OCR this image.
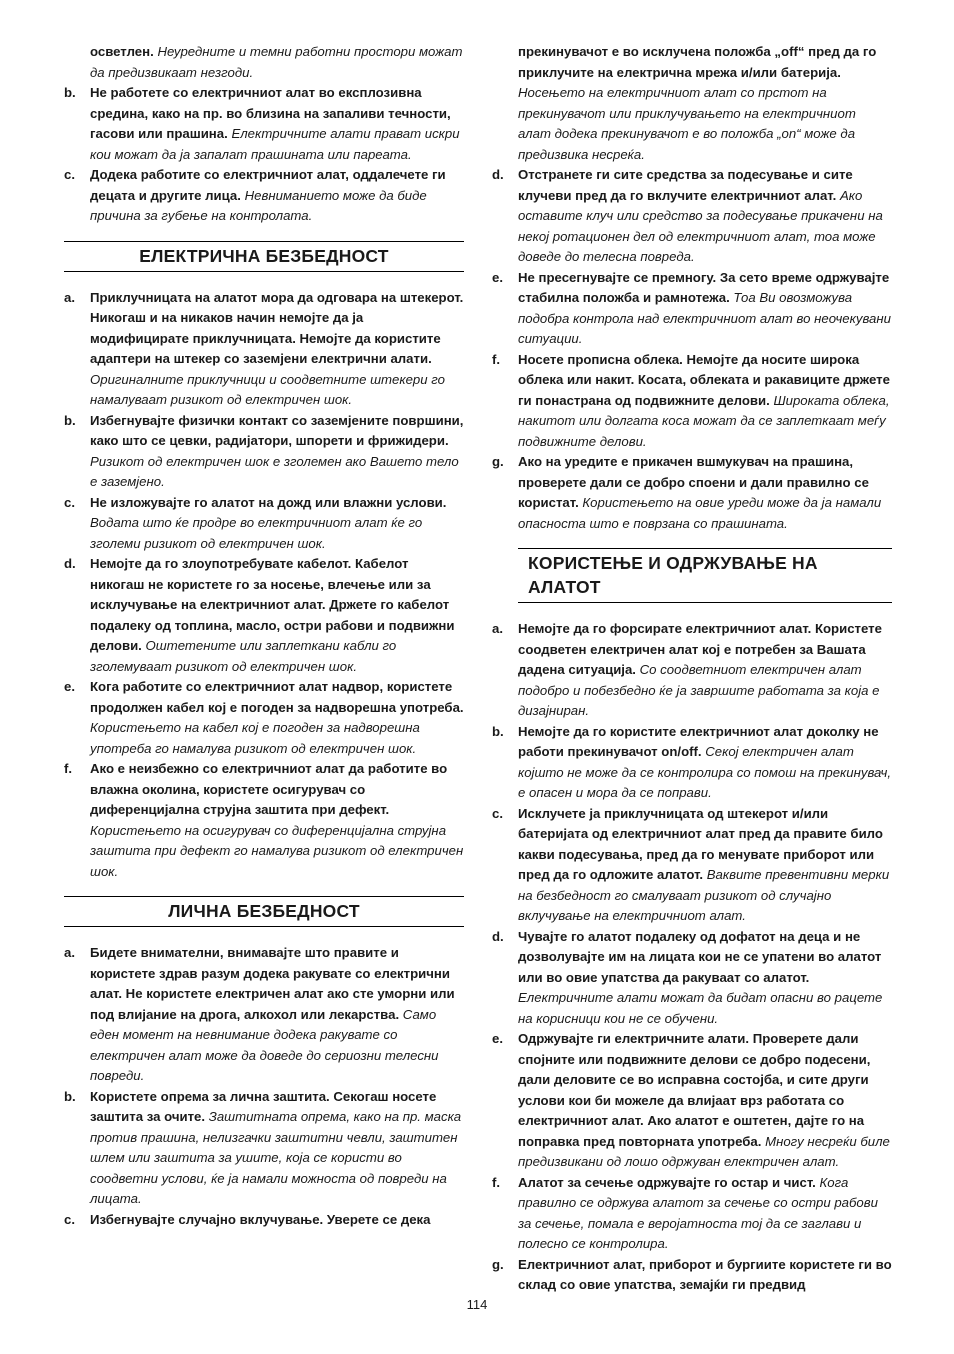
осветлен. Неуредните и темни работни простори можат да предизвикаат незгоди.

b. Не работете со електричниот алат во експлозивна средина, како на пр. во близина на запаливи течности, гасови или прашина. Електричните алати прават искри кои можат да ја запалат прашината или пареата.

c. Додека работите со електричниот алат, оддалечете ги децата и другите лица. Невниманието може да биде причина за губење на контролата.

ЕЛЕКТРИЧНА БЕЗБЕДНОСТ

a. Приклучницата на алатот мора да одговара на штекерот. Никогаш и на никаков начин немојте да ја модифицирате приклучницата. Немојте да користите адаптери на штекер со заземјени електрични алати. Оригиналните приклучници и соодветните штекери го намалуваат ризикот од електричен шок.

b. Избегнувајте физички контакт со заземјените површини, како што се цевки, радијатори, шпорети и фрижидери. Ризикот од електричен шок е зголемен ако Вашето тело е заземјено.

c. Не изложувајте го алатот на дожд или влажни услови. Водата што ќе продре во електричниот алат ќе го зголеми ризикот од електричен шок.

d. Немојте да го злоупотребувате кабелот. Кабелот никогаш не користете го за носење, влечење или за исклучување на електричниот алат. Држете го кабелот подалеку од топлина, масло, остри рабови и подвижни делови. Оштетените или заплеткани кабли го зголемуваат ризикот од електричен шок.

e. Кога работите со електричниот алат надвор, користете продолжен кабел кој е погоден за надворешна употреба. Користењето на кабел кој е погоден за надворешна употреба го намалува ризикот од електричен шок.

f. Ако е неизбежно со електричниот алат да работите во влажна околина, користете осигурувач со диференцијална струјна заштита при дефект. Користењето на осигурувач со диференцијална струјна заштита при дефект го намалува ризикот од електричен шок.

ЛИЧНА БЕЗБЕДНОСТ

a. Бидете внимателни, внимавајте што правите и користете здрав разум додека ракувате со електрични алат. Не користете електричен алат ако сте уморни или под влијание на дрога, алкохол или лекарства. Само еден момент на невнимание додека ракувате со електричен алат може да доведе до сериозни телесни повреди.

b. Користете опрема за лична заштита. Секогаш носете заштита за очите. Заштитната опрема, како на пр. маска против прашина, нелизгачки заштитни чевли, заштитен шлем или заштита за ушите, која се користи во соодветни услови, ќе ја намали можноста од повреди на лицата.

c. Избегнувајте случајно вклучување. Уверете се дека

прекинувачот е во исклучена положба „off“ пред да го приклучите на електрична мрежа и/или батерија. Носењето на електричниот алат со прстот на прекинувачот или приклучувањето на електричниот алат додека прекинувачот е во положба „on“ може да предизвика несреќа.

d. Отстранете ги сите средства за подесување и сите клучеви пред да го вклучите електричниот алат. Ако оставите клуч или средство за подесување прикачени на некој ротационен дел од електричниот алат, тоа може доведе до телесна повреда.

e. Не пресегнувајте се премногу. За сето време одржувајте стабилна положба и рамнотежа. Тоа Ви овозможува подобра контрола над електричниот алат во неочекувани ситуации.

f. Носете прописна облека. Немојте да носите широка облека или накит. Косата, облеката и ракавиците држете ги понастрана од подвижните делови. Широката облека, накитот или долгата коса можат да се заплеткаат меѓу подвижните делови.

g. Ако на уредите е прикачен вшмукувач на прашина, проверете дали се добро споени и дали правилно се користат. Користењето на овие уреди може да ја намали опасноста што е поврзана со прашината.

КОРИСТЕЊЕ И ОДРЖУВАЊЕ НА АЛАТОТ

a. Немојте да го форсирате електричниот алат. Користете соодветен електричен алат кој е потребен за Вашата дадена ситуација. Со соодветниот електричен алат подобро и побезбедно ќе ја завршите работата за која е дизајниран.

b. Немојте да го користите електричниот алат доколку не работи прекинувачот on/off. Секој електричен алат којшто не може да се контролира со помош на прекинувач, е опасен и мора да се поправи.

c. Исклучете ја приклучницата од штекерот и/или батеријата од електричниот алат пред да правите било какви подесувања, пред да го менувате приборот или пред да го одложите алатот. Ваквите превентивни мерки на безбедност го смалуваат ризикот од случајно вклучување на електричниот алат.

d. Чувајте го алатот подалеку од дофатот на деца и не дозволувајте им на лицата кои не се упатени во алатот или во овие упатства да ракуваат со алатот. Електричните алати можат да бидат опасни во рацете на корисници кои не се обучени.

e. Одржувајте ги електричните алати. Проверете дали спојните или подвижните делови се добро подесени, дали деловите се во исправна состојба, и сите други услови кои би можеле да влијаат врз работата со електричниот алат. Ако алатот е оштетен, дајте го на поправка пред повторната употреба. Многу несреќи биле предизвикани од лошо одржуван електричен алат.

f. Алатот за сечење одржувајте го остар и чист. Кога правилно се одржува алатот за сечење со остри рабови за сечење, помала е веројатноста тој да се заглави и полесно се контролира.

g. Електричниот алат, приборот и бургиите користете ги во склад со овие упатства, земајќи ги предвид

114
